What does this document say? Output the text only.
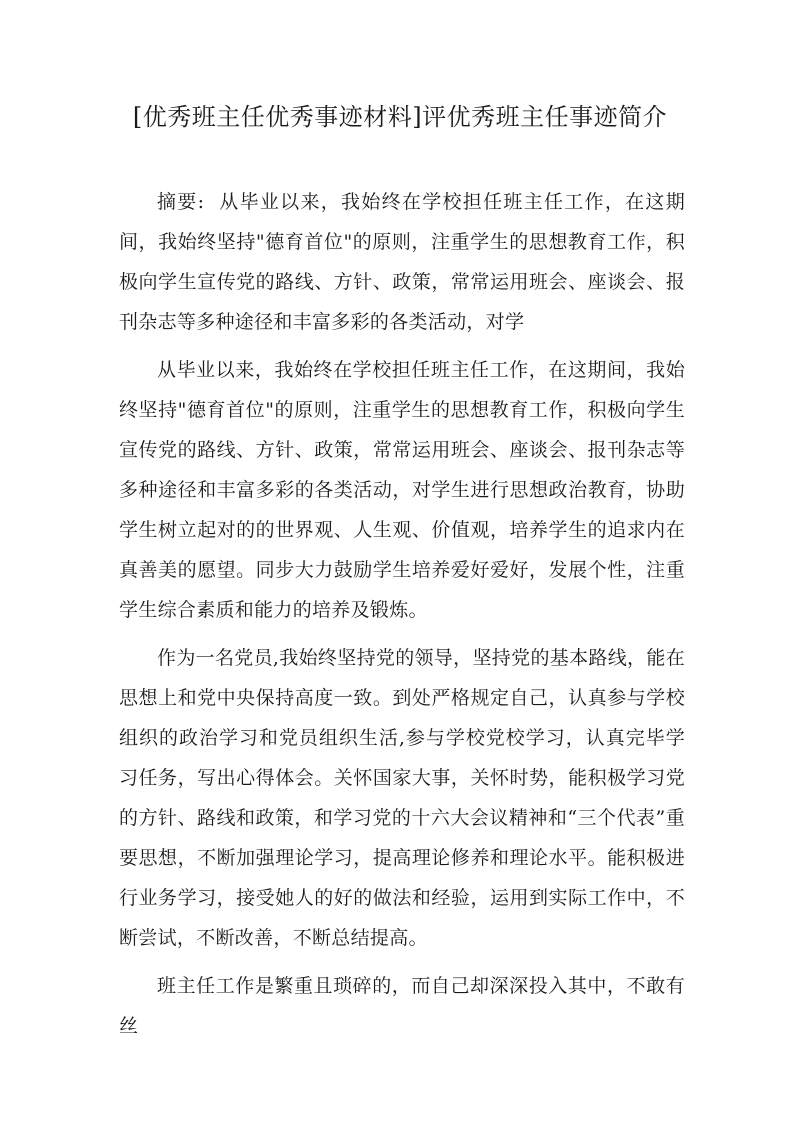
[优秀班主任优秀事迹材料]评优秀班主任事迹简介

摘要: 从毕业以来，我始终在学校担任班主任工作，在这期间，我始终坚持"德育首位"的原则，注重学生的思想教育工作，积极向学生宣传党的路线、方针、政策，常常运用班会、座谈会、报刊杂志等多种途径和丰富多彩的各类活动，对学

从毕业以来，我始终在学校担任班主任工作，在这期间，我始终坚持"德育首位"的原则，注重学生的思想教育工作，积极向学生宣传党的路线、方针、政策，常常运用班会、座谈会、报刊杂志等多种途径和丰富多彩的各类活动，对学生进行思想政治教育，协助学生树立起对的的世界观、人生观、价值观，培养学生的追求内在真善美的愿望。同步大力鼓励学生培养爱好爱好，发展个性，注重学生综合素质和能力的培养及锻炼。

作为一名党员,我始终坚持党的领导，坚持党的基本路线，能在思想上和党中央保持高度一致。到处严格规定自己，认真参与学校组织的政治学习和党员组织生活,参与学校党校学习，认真完毕学习任务，写出心得体会。关怀国家大事，关怀时势，能积极学习党的方针、路线和政策，和学习党的十六大会议精神和“三个代表”重要思想，不断加强理论学习，提高理论修养和理论水平。能积极进行业务学习，接受她人的好的做法和经验，运用到实际工作中，不断尝试，不断改善，不断总结提高。

班主任工作是繁重且琐碎的，而自己却深深投入其中，不敢有丝
